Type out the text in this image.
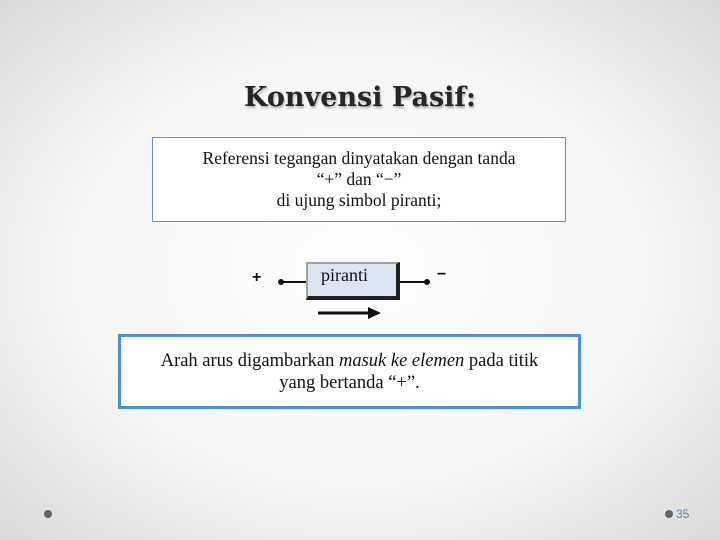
Konvensi Pasif:
Referensi tegangan dinyatakan dengan tanda
“+” dan “−”
di ujung simbol piranti;
+	−
piranti
Arah arus digambarkan masuk ke elemen pada titik
yang bertanda “+”.
35
